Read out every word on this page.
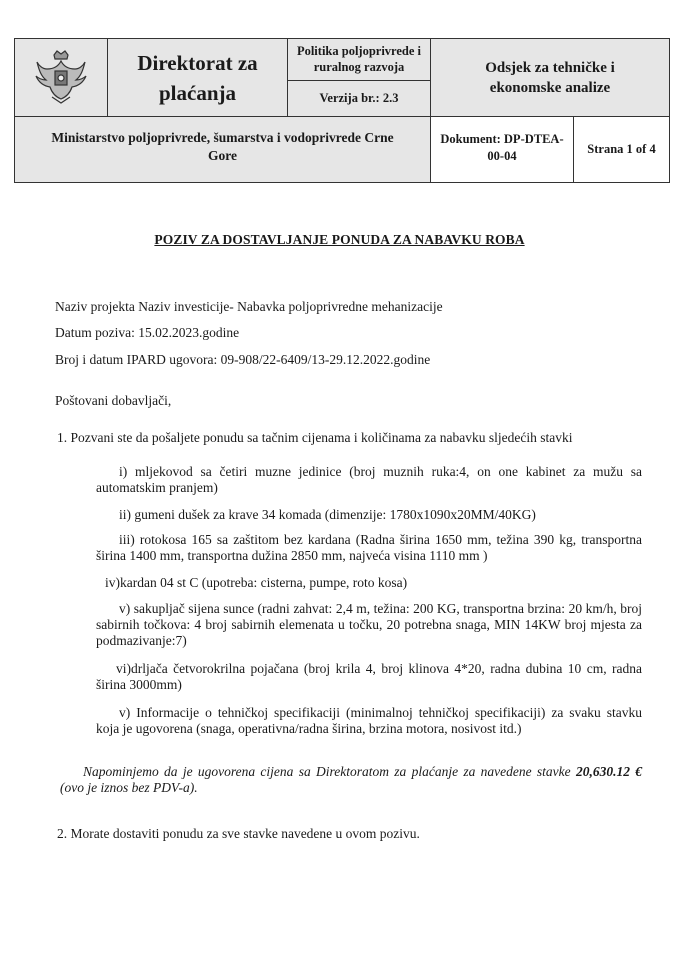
Direktorat za
plaćanja
Politika poljoprivrede i
ruralnog razvoja
Verzija br.: 2.3
Odsjek za tehničke i
ekonomske analize
Ministarstvo poljoprivrede, šumarstva i vodoprivrede Crne
Gore
Dokument: DP-DTEA-
00-04	Strana 1 of 4
POZIV ZA DOSTAVLJANJE PONUDA ZA NABAVKU ROBA
Naziv projekta Naziv investicije- Nabavka poljoprivredne mehanizacije
Datum poziva: 15.02.2023.godine
Broj i datum IPARD ugovora: 09-908/22-6409/13-29.12.2022.godine
Poštovani dobavljači,
1. Pozvani ste da pošaljete ponudu sa tačnim cijenama i količinama za nabavku sljedećih stavki
i) mljekovod sa četiri muzne jedinice (broj muznih ruka:4, on one kabinet za mužu sa automatskim pranjem)
ii) gumeni dušek za krave 34 komada (dimenzije: 1780x1090x20MM/40KG)
iii) rotokosa 165 sa zaštitom bez kardana (Radna širina 1650 mm, težina 390 kg, transportna širina 1400 mm, transportna dužina 2850 mm, najveća visina 1110 mm )
iv)kardan 04 st C (upotreba: cisterna, pumpe, roto kosa)
v) sakupljač sijena sunce (radni zahvat: 2,4 m, težina: 200 KG, transportna brzina: 20 km/h, broj sabirnih točkova: 4 broj sabirnih elemenata u točku, 20 potrebna snaga, MIN 14KW broj mjesta za podmazivanje:7)
vi)drljača četvorokrilna pojačana (broj krila 4, broj klinova 4*20, radna dubina 10 cm, radna širina 3000mm)
v) Informacije o tehničkoj specifikaciji (minimalnoj tehničkoj specifikaciji) za svaku stavku koja je ugovorena (snaga, operativna/radna širina, brzina motora, nosivost itd.)
Napominjemo da je ugovorena cijena sa Direktoratom za plaćanje za navedene stavke 20,630.12 € (ovo je iznos bez PDV-a).
2. Morate dostaviti ponudu za sve stavke navedene u ovom pozivu.
